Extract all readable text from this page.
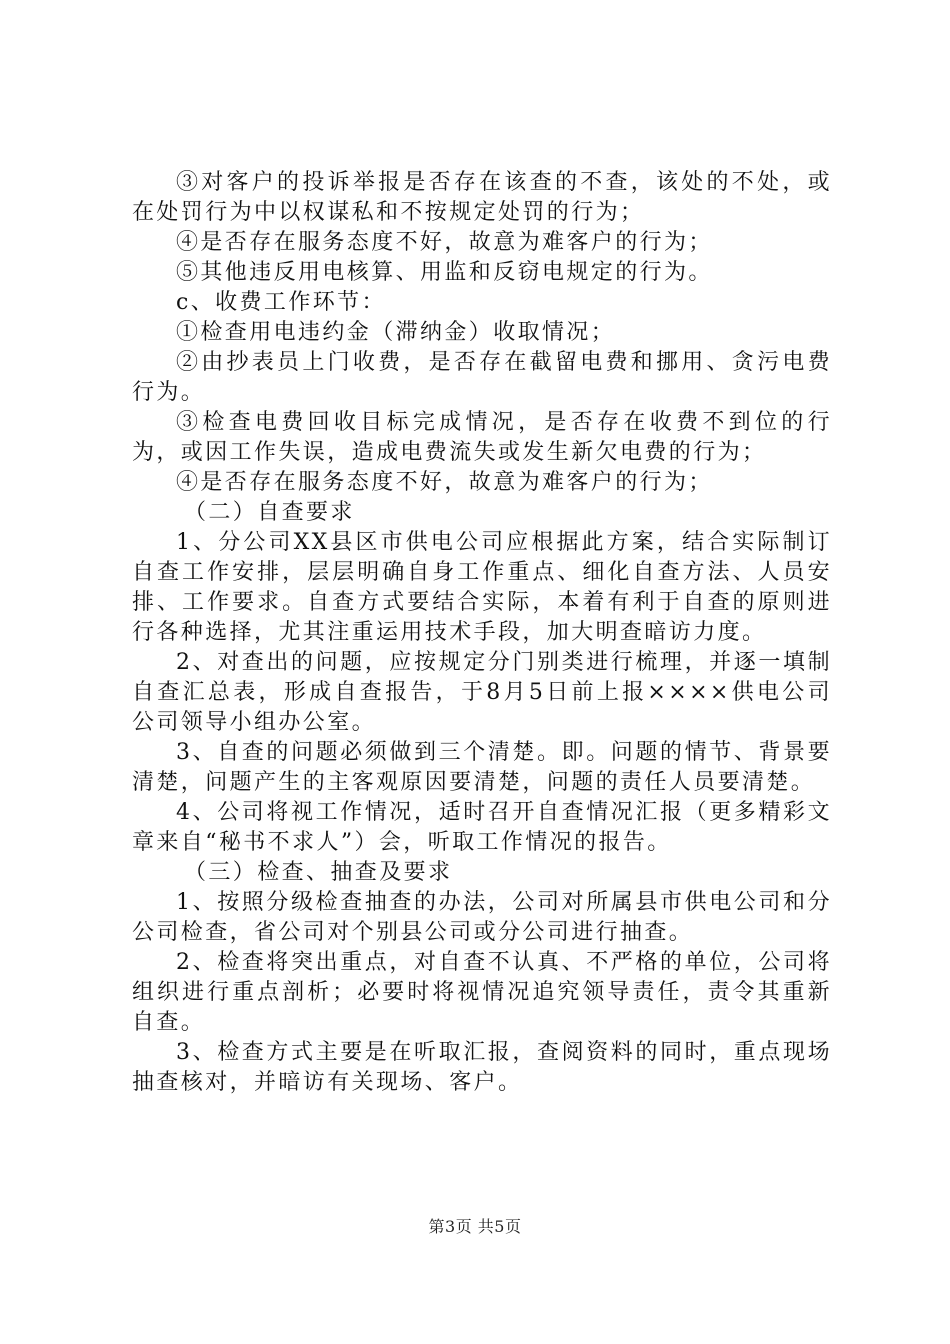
③对客户的投诉举报是否存在该查的不查，该处的不处，或在处罚行为中以权谋私和不按规定处罚的行为；

④是否存在服务态度不好，故意为难客户的行为；

⑤其他违反用电核算、用监和反窃电规定的行为。

c、收费工作环节：

①检查用电违约金（滞纳金）收取情况；

②由抄表员上门收费，是否存在截留电费和挪用、贪污电费行为。

③检查电费回收目标完成情况，是否存在收费不到位的行为，或因工作失误，造成电费流失或发生新欠电费的行为；

④是否存在服务态度不好，故意为难客户的行为；

（二）自查要求

1、分公司XX县区市供电公司应根据此方案，结合实际制订自查工作安排，层层明确自身工作重点、细化自查方法、人员安排、工作要求。自查方式要结合实际，本着有利于自查的原则进行各种选择，尤其注重运用技术手段，加大明查暗访力度。

2、对查出的问题，应按规定分门别类进行梳理，并逐一填制自查汇总表，形成自查报告，于8月5日前上报××××供电公司公司领导小组办公室。

3、自查的问题必须做到三个清楚。即。问题的情节、背景要清楚，问题产生的主客观原因要清楚，问题的责任人员要清楚。

4、公司将视工作情况，适时召开自查情况汇报（更多精彩文章来自“秘书不求人”）会，听取工作情况的报告。

（三）检查、抽查及要求

1、按照分级检查抽查的办法，公司对所属县市供电公司和分公司检查，省公司对个别县公司或分公司进行抽查。

2、检查将突出重点，对自查不认真、不严格的单位，公司将组织进行重点剖析；必要时将视情况追究领导责任，责令其重新自查。

3、检查方式主要是在听取汇报，查阅资料的同时，重点现场抽查核对，并暗访有关现场、客户。

第3页 共5页
